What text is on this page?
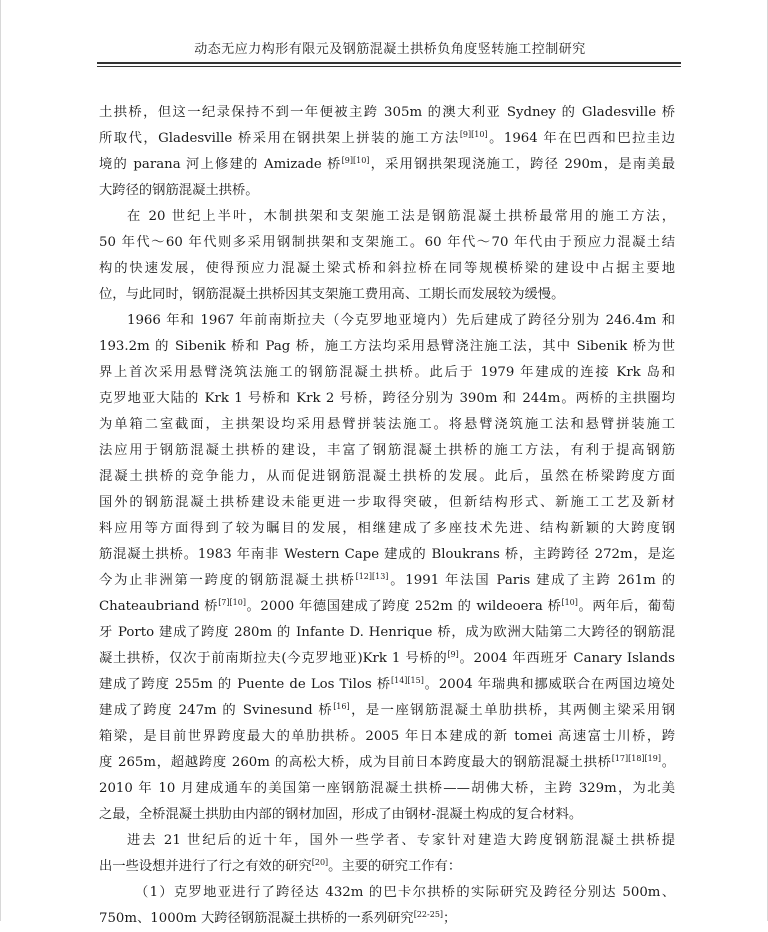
动态无应力构形有限元及钢筋混凝土拱桥负角度竖转施工控制研究
土拱桥，但这一纪录保持不到一年便被主跨 305m 的澳大利亚 Sydney 的 Gladesville 桥
所取代，Gladesville 桥采用在钢拱架上拼装的施工方法[9][10]。1964 年在巴西和巴拉圭边
境的 parana 河上修建的 Amizade 桥[9][10]，采用钢拱架现浇施工，跨径 290m，是南美最
大跨径的钢筋混凝土拱桥。
在 20 世纪上半叶，木制拱架和支架施工法是钢筋混凝土拱桥最常用的施工方法，
50 年代～60 年代则多采用钢制拱架和支架施工。60 年代～70 年代由于预应力混凝土结
构的快速发展，使得预应力混凝土梁式桥和斜拉桥在同等规模桥梁的建设中占据主要地
位，与此同时，钢筋混凝土拱桥因其支架施工费用高、工期长而发展较为缓慢。
1966 年和 1967 年前南斯拉夫（今克罗地亚境内）先后建成了跨径分别为 246.4m 和
193.2m 的 Sibenik 桥和 Pag 桥，施工方法均采用悬臂浇注施工法，其中 Sibenik 桥为世
界上首次采用悬臂浇筑法施工的钢筋混凝土拱桥。此后于 1979 年建成的连接 Krk 岛和
克罗地亚大陆的 Krk 1 号桥和 Krk 2 号桥，跨径分别为 390m 和 244m。两桥的主拱圈均
为单箱二室截面，主拱架设均采用悬臂拼装法施工。将悬臂浇筑施工法和悬臂拼装施工
法应用于钢筋混凝土拱桥的建设，丰富了钢筋混凝土拱桥的施工方法，有利于提高钢筋
混凝土拱桥的竞争能力，从而促进钢筋混凝土拱桥的发展。此后，虽然在桥梁跨度方面
国外的钢筋混凝土拱桥建设未能更进一步取得突破，但新结构形式、新施工工艺及新材
料应用等方面得到了较为瞩目的发展，相继建成了多座技术先进、结构新颖的大跨度钢
筋混凝土拱桥。1983 年南非 Western Cape 建成的 Bloukrans 桥，主跨跨径 272m，是迄
今为止非洲第一跨度的钢筋混凝土拱桥[12][13]。1991 年法国 Paris 建成了主跨 261m 的
Chateaubriand 桥[7][10]。2000 年德国建成了跨度 252m 的 wildeoera 桥[10]。两年后，葡萄
牙 Porto 建成了跨度 280m 的 Infante D. Henrique 桥，成为欧洲大陆第二大跨径的钢筋混
凝土拱桥，仅次于前南斯拉夫(今克罗地亚)Krk 1 号桥的[9]。2004 年西班牙 Canary Islands
建成了跨度 255m 的 Puente de Los Tilos 桥[14][15]。2004 年瑞典和挪威联合在两国边境处
建成了跨度 247m 的 Svinesund 桥[16]，是一座钢筋混凝土单肋拱桥，其两侧主梁采用钢
箱梁，是目前世界跨度最大的单肋拱桥。2005 年日本建成的新 tomei 高速富士川桥，跨
度 265m，超越跨度 260m 的高松大桥，成为目前日本跨度最大的钢筋混凝土拱桥[17][18][19]。
2010 年 10 月建成通车的美国第一座钢筋混凝土拱桥——胡佛大桥，主跨 329m，为北美
之最，全桥混凝土拱肋由内部的钢材加固，形成了由钢材-混凝土构成的复合材料。
进去 21 世纪后的近十年，国外一些学者、专家针对建造大跨度钢筋混凝土拱桥提
出一些设想并进行了行之有效的研究[20]。主要的研究工作有：
（1）克罗地亚进行了跨径达 432m 的巴卡尔拱桥的实际研究及跨径分别达 500m、
750m、1000m 大跨径钢筋混凝土拱桥的一系列研究[22-25]；
